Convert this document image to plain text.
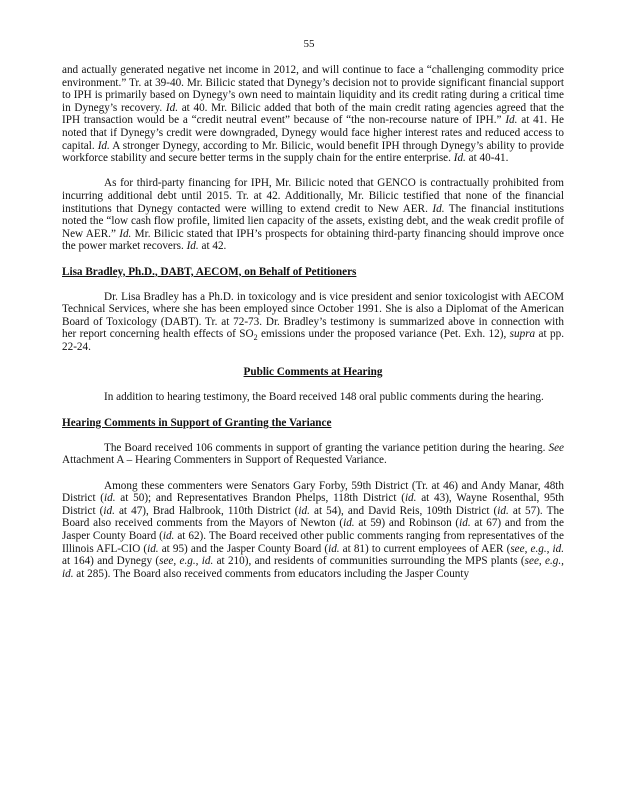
55

and actually generated negative net income in 2012, and will continue to face a “challenging commodity price environment.” Tr. at 39-40. Mr. Bilicic stated that Dynegy’s decision not to provide significant financial support to IPH is primarily based on Dynegy’s own need to maintain liquidity and its credit rating during a critical time in Dynegy’s recovery. Id. at 40. Mr. Bilicic added that both of the main credit rating agencies agreed that the IPH transaction would be a “credit neutral event” because of “the non-recourse nature of IPH.” Id. at 41. He noted that if Dynegy’s credit were downgraded, Dynegy would face higher interest rates and reduced access to capital. Id. A stronger Dynegy, according to Mr. Bilicic, would benefit IPH through Dynegy’s ability to provide workforce stability and secure better terms in the supply chain for the entire enterprise. Id. at 40-41.

As for third-party financing for IPH, Mr. Bilicic noted that GENCO is contractually prohibited from incurring additional debt until 2015. Tr. at 42. Additionally, Mr. Bilicic testified that none of the financial institutions that Dynegy contacted were willing to extend credit to New AER. Id. The financial institutions noted the “low cash flow profile, limited lien capacity of the assets, existing debt, and the weak credit profile of New AER.” Id. Mr. Bilicic stated that IPH’s prospects for obtaining third-party financing should improve once the power market recovers. Id. at 42.

Lisa Bradley, Ph.D., DABT, AECOM, on Behalf of Petitioners

Dr. Lisa Bradley has a Ph.D. in toxicology and is vice president and senior toxicologist with AECOM Technical Services, where she has been employed since October 1991. She is also a Diplomat of the American Board of Toxicology (DABT). Tr. at 72-73. Dr. Bradley’s testimony is summarized above in connection with her report concerning health effects of $SO_2$ emissions under the proposed variance (Pet. Exh. 12), supra at pp. 22-24.

Public Comments at Hearing

In addition to hearing testimony, the Board received 148 oral public comments during the hearing.

Hearing Comments in Support of Granting the Variance

The Board received 106 comments in support of granting the variance petition during the hearing. See Attachment A – Hearing Commenters in Support of Requested Variance.

Among these commenters were Senators Gary Forby, 59th District (Tr. at 46) and Andy Manar, 48th District (id. at 50); and Representatives Brandon Phelps, 118th District (id. at 43), Wayne Rosenthal, 95th District (id. at 47), Brad Halbrook, 110th District (id. at 54), and David Reis, 109th District (id. at 57). The Board also received comments from the Mayors of Newton (id. at 59) and Robinson (id. at 67) and from the Jasper County Board (id. at 62). The Board received other public comments ranging from representatives of the Illinois AFL-CIO (id. at 95) and the Jasper County Board (id. at 81) to current employees of AER (see, e.g., id. at 164) and Dynegy (see, e.g., id. at 210), and residents of communities surrounding the MPS plants (see, e.g., id. at 285). The Board also received comments from educators including the Jasper County
